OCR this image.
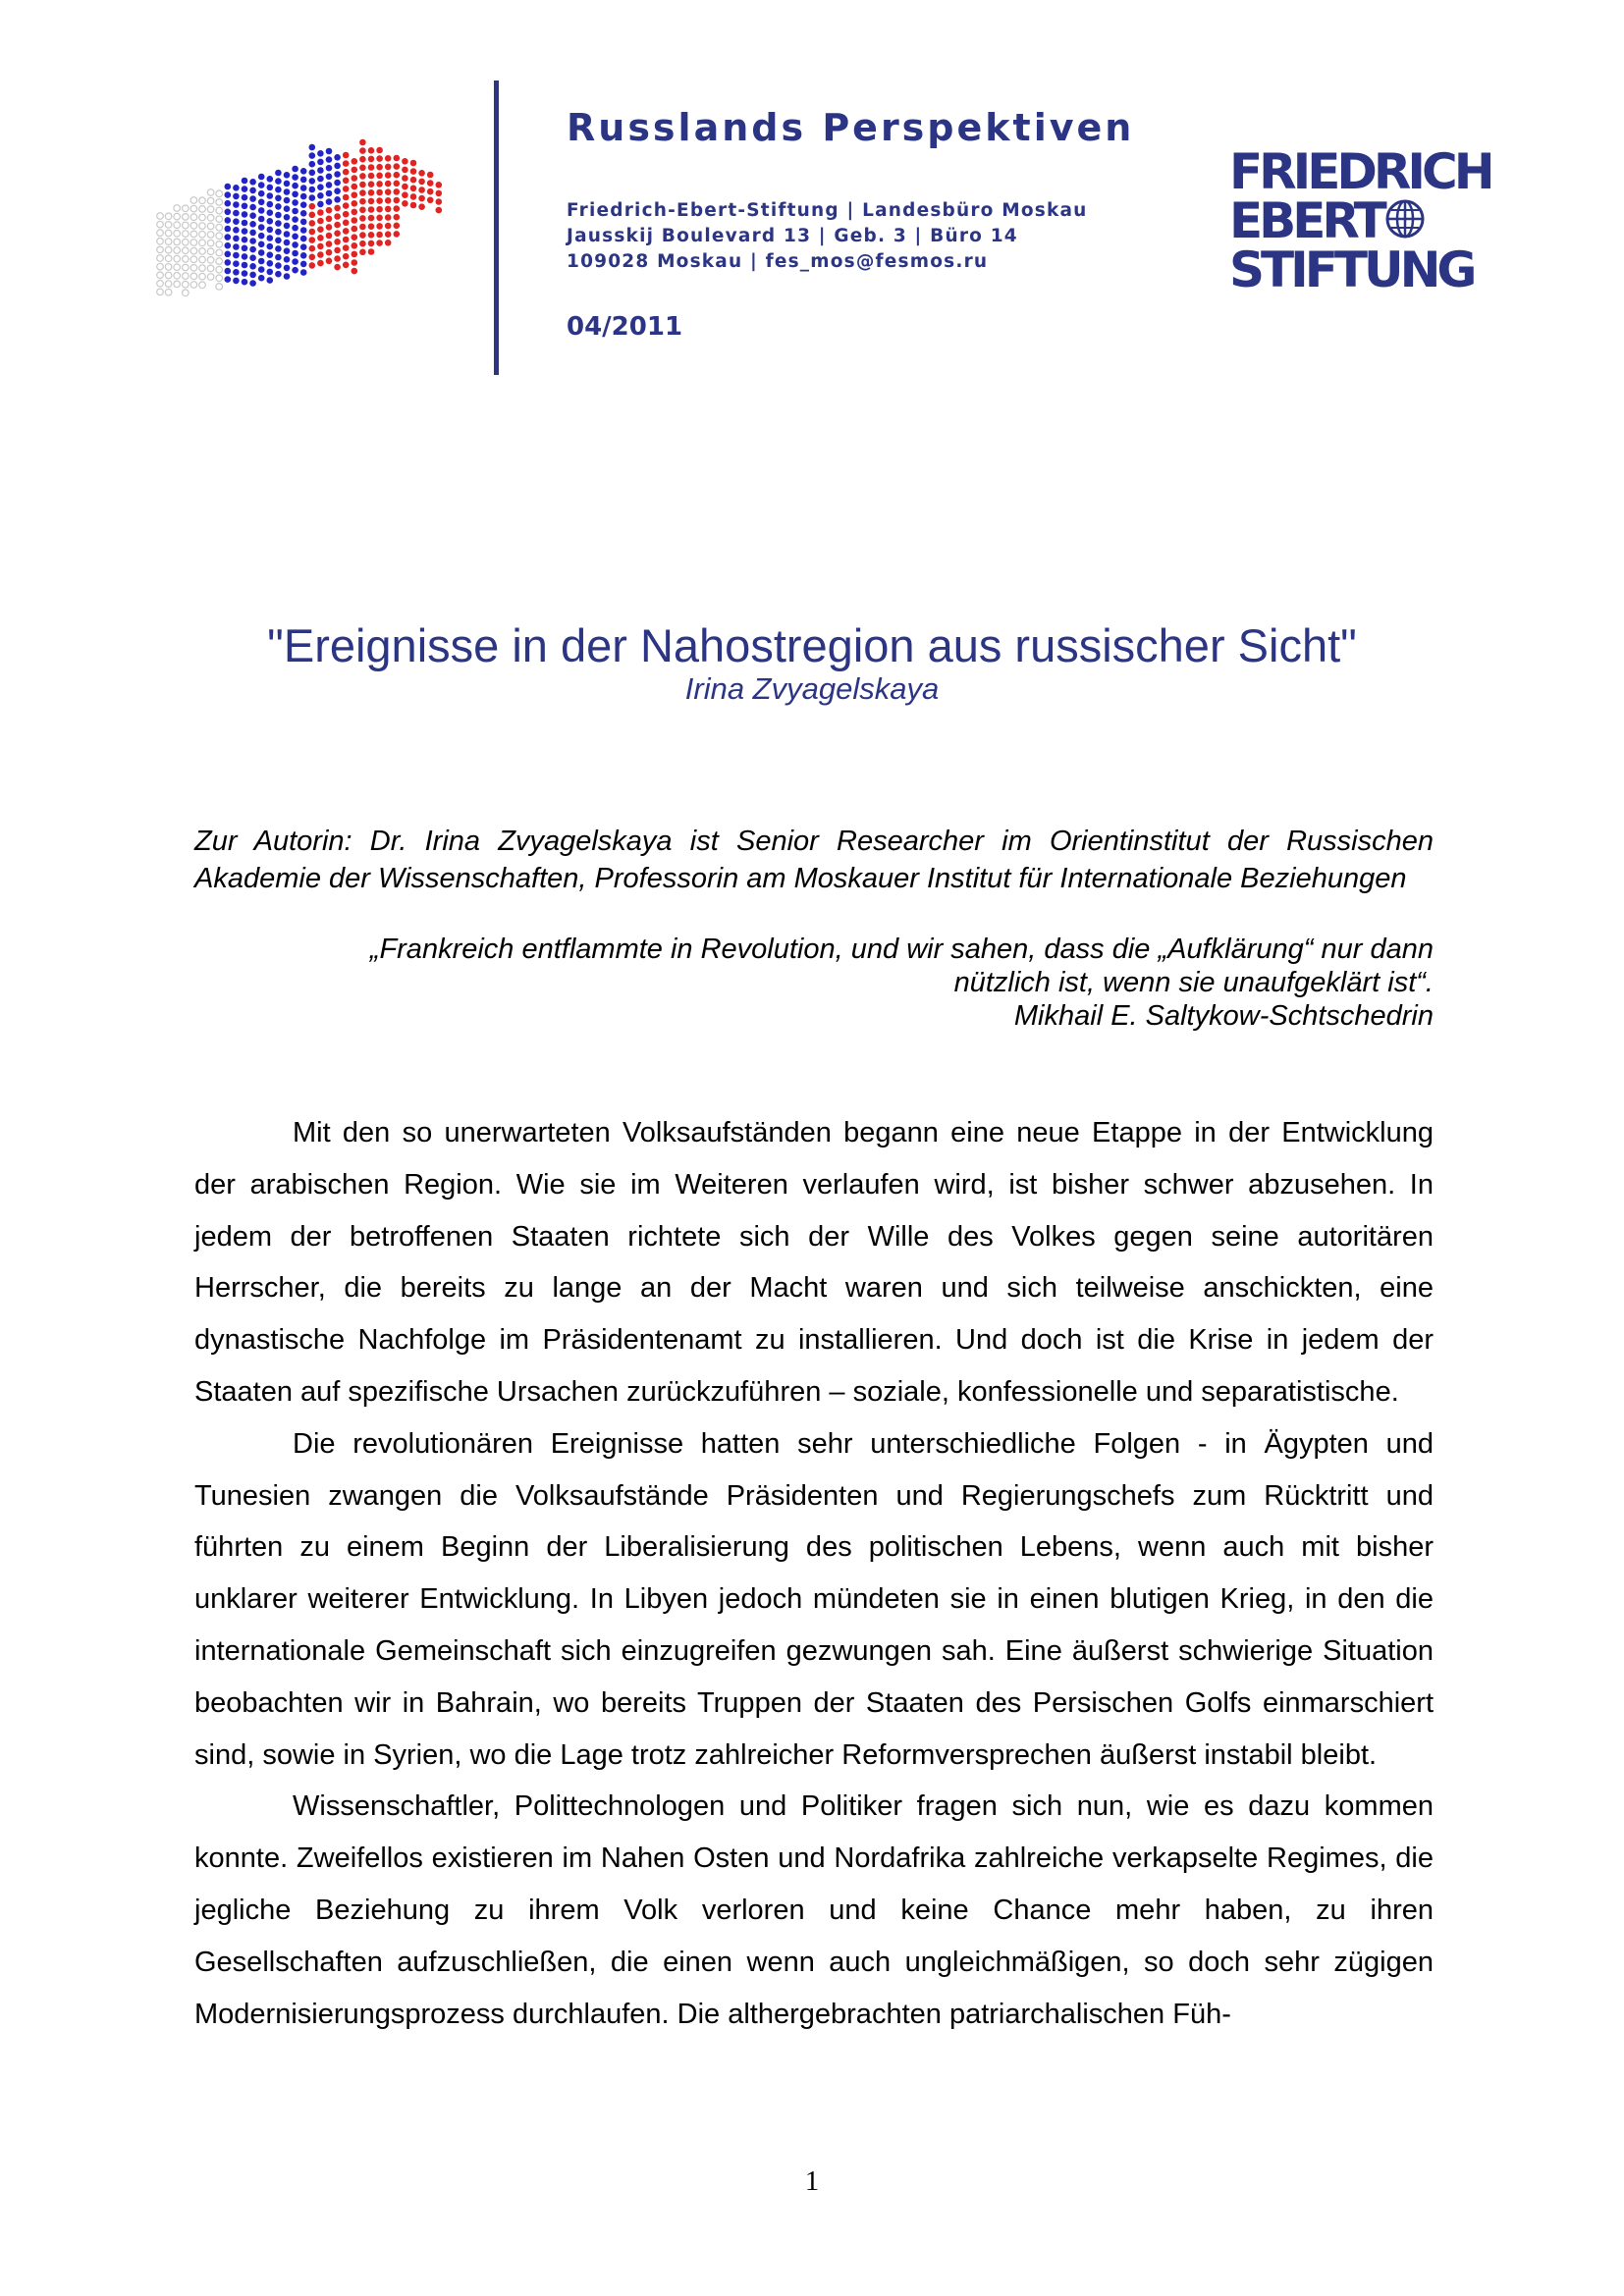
Russlands Perspektiven
Friedrich-Ebert-Stiftung | Landesbüro Moskau
Jausskij Boulevard 13 | Geb. 3 | Büro 14
109028 Moskau | fes_mos@fesmos.ru
04/2011
FRIEDRICH
EBERT
STIFTUNG
"Ereignisse in der Nahostregion aus russischer Sicht"
Irina Zvyagelskaya

Zur Autorin: Dr. Irina Zvyagelskaya ist Senior Researcher im Orientinstitut der Russischen Akademie der Wissenschaften, Professorin am Moskauer Institut für Internationale Beziehungen

„Frankreich entflammte in Revolution, und wir sahen, dass die „Aufklärung“ nur dann
nützlich ist, wenn sie unaufgeklärt ist“.
Mikhail E. Saltykow-Schtschedrin

Mit den so unerwarteten Volksaufständen begann eine neue Etappe in der Entwicklung der arabischen Region. Wie sie im Weiteren verlaufen wird, ist bisher schwer abzusehen. In jedem der betroffenen Staaten richtete sich der Wille des Volkes gegen seine autoritären Herrscher, die bereits zu lange an der Macht waren und sich teilweise anschickten, eine dynastische Nachfolge im Präsidentenamt zu installieren. Und doch ist die Krise in jedem der Staaten auf spezifische Ursachen zurückzuführen – soziale, konfessionelle und separatistische.

Die revolutionären Ereignisse hatten sehr unterschiedliche Folgen - in Ägypten und Tunesien zwangen die Volksaufstände Präsidenten und Regierungschefs zum Rücktritt und führten zu einem Beginn der Liberalisierung des politischen Lebens, wenn auch mit bisher unklarer weiterer Entwicklung. In Libyen jedoch mündeten sie in einen blutigen Krieg, in den die internationale Gemeinschaft sich einzugreifen gezwungen sah. Eine äußerst schwierige Situation beobachten wir in Bahrain, wo bereits Truppen der Staaten des Persischen Golfs einmarschiert sind, sowie in Syrien, wo die Lage trotz zahlreicher Reformversprechen äußerst instabil bleibt.

Wissenschaftler, Polittechnologen und Politiker fragen sich nun, wie es dazu kommen konnte. Zweifellos existieren im Nahen Osten und Nordafrika zahlreiche verkapselte Regimes, die jegliche Beziehung zu ihrem Volk verloren und keine Chance mehr haben, zu ihren Gesellschaften aufzuschließen, die einen wenn auch ungleichmäßigen, so doch sehr zügigen Modernisierungsprozess durchlaufen. Die althergebrachten patriarchalischen Füh-

1
